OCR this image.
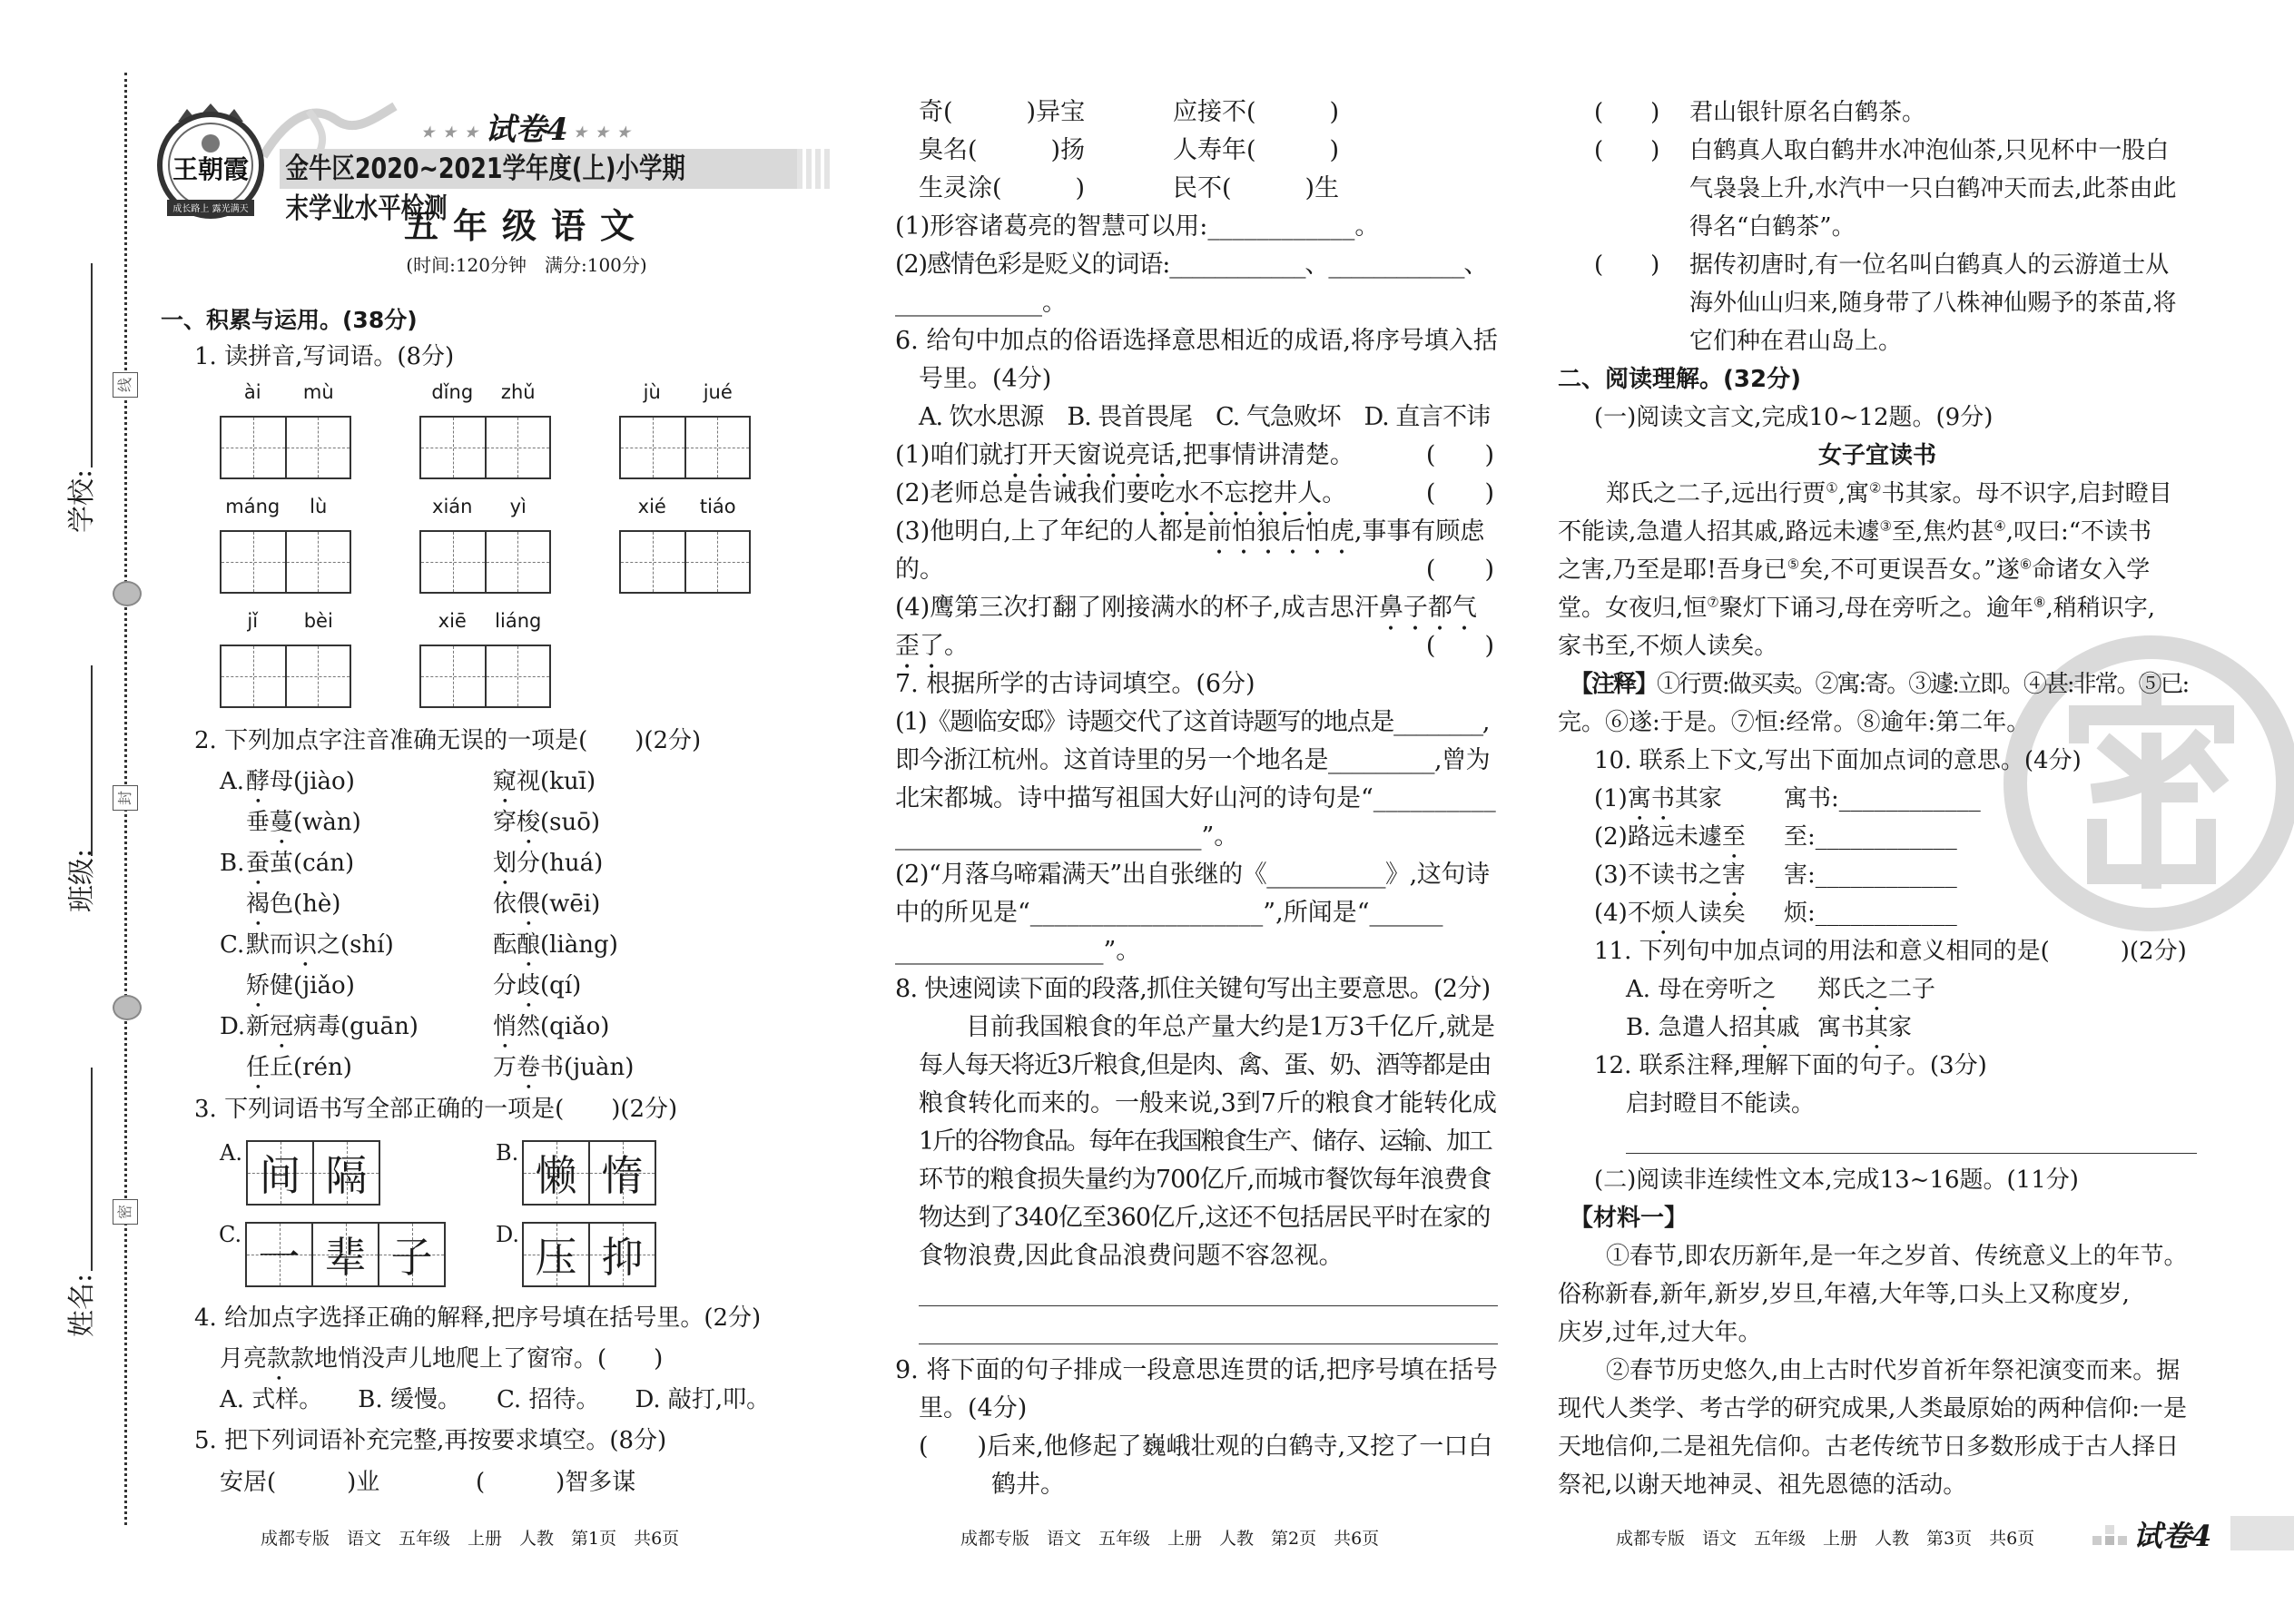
学校:
班级:
姓名:
线
封
密
王朝霞
成长路上 露光满天
★ ★ ★ 试卷4 ★ ★ ★
金牛区2020~2021学年度(上)小学期末学业水平检测
五年级语文
(时间:120分钟　满分:100分)
一、积累与运用。(38分)
1. 读拼音,写词语。(8分)
ài	mù	dǐng	zhǔ	jù	jué
máng	lù	xián	yì	xié	tiáo
jǐ	bèi	xiē	liáng
2. 下列加点字注音准确无误的一项是(　　)(2分)
A.酵母(jiào)	窥视(kuī)
垂蔓(wàn)	穿梭(suō)
B.蚕茧(cán)	划分(huá)
褐色(hè)	依偎(wēi)
C.默而识之(shí)	酝酿(liàng)
矫健(jiǎo)	分歧(qí)
D.新冠病毒(guān)	悄然(qiǎo)
任丘(rén)	万卷书(juàn)
3. 下列词语书写全部正确的一项是(　　)(2分)
A. 间 隔	B. 懒 惰
C. 一 辈 子	D. 压 抑
4. 给加点字选择正确的解释,把序号填在括号里。(2分)
月亮款款地悄没声儿地爬上了窗帘。(　　)
A. 式样。　　B. 缓慢。　　C. 招待。　　D. 敲打,叩。
5. 把下列词语补充完整,再按要求填空。(8分)
安居(　　　)业	(　　　)智多谋
奇(　　　)异宝	应接不(　　　)
臭名(　　　)扬	人寿年(　　　)
生灵涂(　　　)	民不(　　　)生
(1)形容诸葛亮的智慧可以用:____________。
(2)感情色彩是贬义的词语:____________、____________、
____________。
6. 给句中加点的俗语选择意思相近的成语,将序号填入括
号里。(4分)
A. 饮水思源　B. 畏首畏尾　C. 气急败坏　D. 直言不讳
(1)咱们就打开天窗说亮话,把事情讲清楚。	(　　)
(2)老师总是告诫我们要吃水不忘挖井人。	(　　)
(3)他明白,上了年纪的人都是前怕狼后怕虎,事事有顾虑
的。	(　　)
(4)鹰第三次打翻了刚接满水的杯子,成吉思汗鼻子都气
歪了。	(　　)
7. 根据所学的古诗词填空。(6分)
(1)《题临安邸》诗题交代了这首诗题写的地点是________,
即今浙江杭州。这首诗里的另一个地名是_________,曾为
北宋都城。诗中描写祖国大好山河的诗句是“__________
_________________________”。
(2)“月落乌啼霜满天”出自张继的《__________》,这句诗
中的所见是“___________________”,所闻是“______
_________________”。
8. 快速阅读下面的段落,抓住关键句写出主要意思。(2分)
目前我国粮食的年总产量大约是1万3千亿斤,就是
每人每天将近3斤粮食,但是肉、禽、蛋、奶、酒等都是由
粮食转化而来的。一般来说,3到7斤的粮食才能转化成
1斤的谷物食品。每年在我国粮食生产、储存、运输、加工
环节的粮食损失量约为700亿斤,而城市餐饮每年浪费食
物达到了340亿至360亿斤,这还不包括居民平时在家的
食物浪费,因此食品浪费问题不容忽视。
9. 将下面的句子排成一段意思连贯的话,把序号填在括号
里。(4分)
(　　)后来,他修起了巍峨壮观的白鹤寺,又挖了一口白
鹤井。
(　　) 君山银针原名白鹤茶。
(　　) 白鹤真人取白鹤井水冲泡仙茶,只见杯中一股白
气袅袅上升,水汽中一只白鹤冲天而去,此茶由此
得名“白鹤茶”。
(　　) 据传初唐时,有一位名叫白鹤真人的云游道士从
海外仙山归来,随身带了八株神仙赐予的茶苗,将
它们种在君山岛上。
二、阅读理解。(32分)
(一)阅读文言文,完成10~12题。(9分)
女子宜读书
郑氏之二子,远出行贾①,寓②书其家。母不识字,启封瞪目
不能读,急遣人招其戚,路远未遽③至,焦灼甚④,叹曰:“不读书
之害,乃至是耶!吾身已⑤矣,不可更误吾女。”遂⑥命诸女入学
堂。女夜归,恒⑦聚灯下诵习,母在旁听之。逾年⑧,稍稍识字,
家书至,不烦人读矣。
【注释】①行贾:做买卖。②寓:寄。③遽:立即。④甚:非常。⑤已:
完。⑥遂:于是。⑦恒:经常。⑧逾年:第二年。
10. 联系上下文,写出下面加点词的意思。(4分)
(1)寓书其家	寓书:____________
(2)路远未遽至 至:____________
(3)不读书之害 害:____________
(4)不烦人读矣 烦:____________
11. 下列句中加点词的用法和意义相同的是(　　　)(2分)
A. 母在旁听之 郑氏之二子
B. 急遣人招其戚 寓书其家
12. 联系注释,理解下面的句子。(3分)
启封瞪目不能读。
(二)阅读非连续性文本,完成13~16题。(11分)
【材料一】
①春节,即农历新年,是一年之岁首、传统意义上的年节。
俗称新春,新年,新岁,岁旦,年禧,大年等,口头上又称度岁,
庆岁,过年,过大年。
②春节历史悠久,由上古时代岁首祈年祭祀演变而来。据
现代人类学、考古学的研究成果,人类最原始的两种信仰:一是
天地信仰,二是祖先信仰。古老传统节日多数形成于古人择日
祭祀,以谢天地神灵、祖先恩德的活动。
成都专版　语文　五年级　上册　人教　第1页　共6页	成都专版　语文　五年级　上册　人教　第2页　共6页	成都专版　语文　五年级　上册　人教　第3页　共6页	试卷4
